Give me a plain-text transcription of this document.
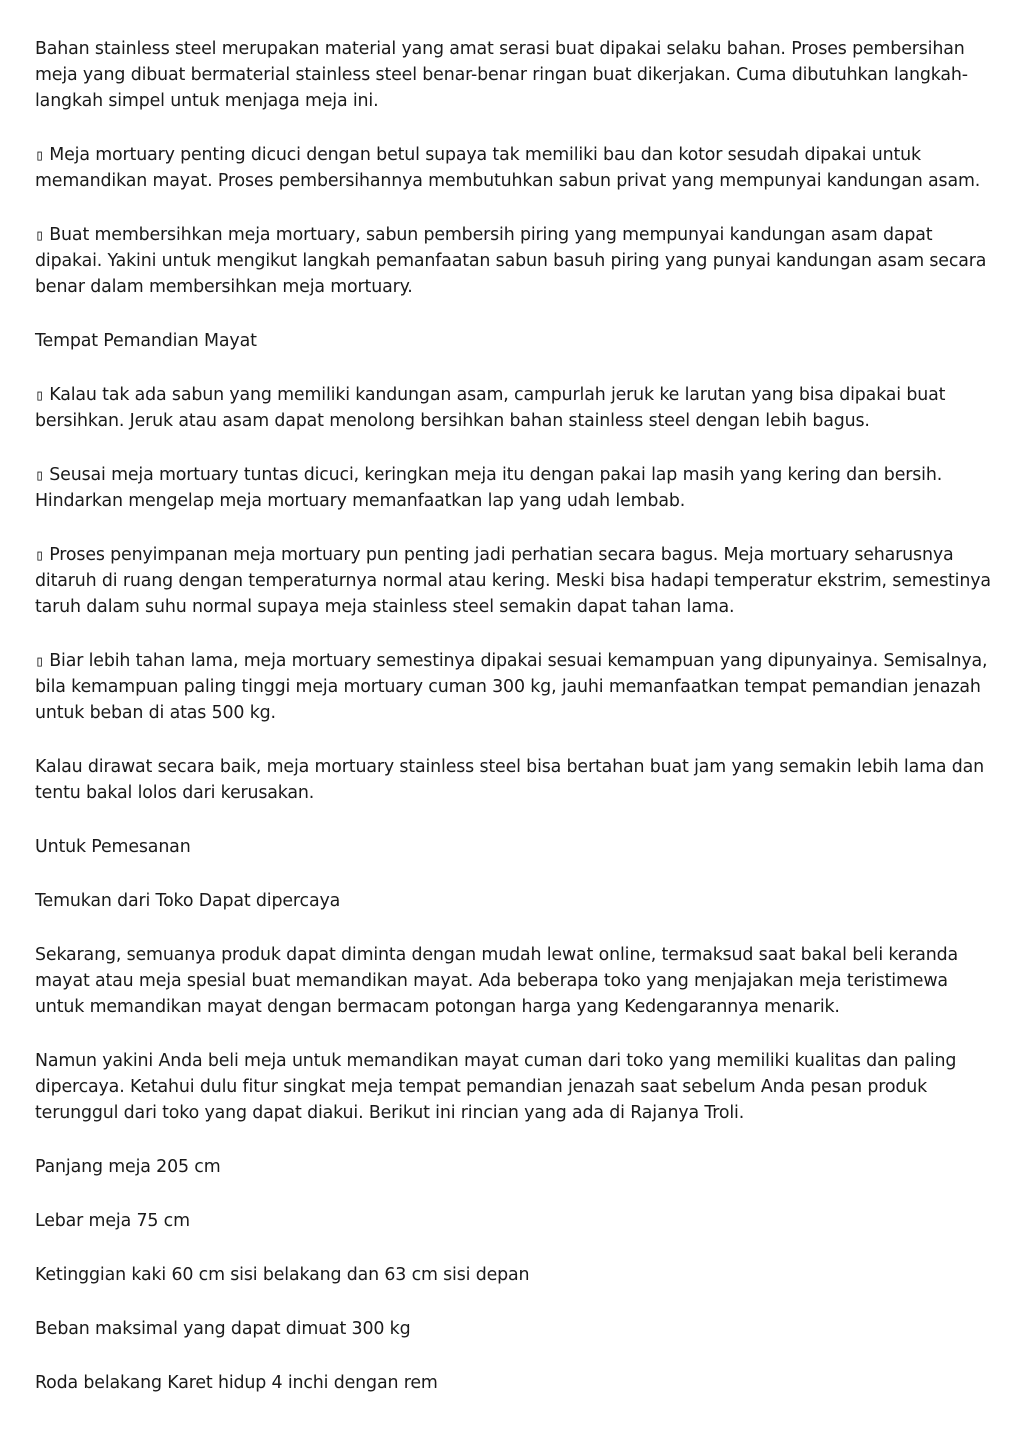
Bahan stainless steel merupakan material yang amat serasi buat dipakai selaku bahan. Proses pembersihan meja yang dibuat bermaterial stainless steel benar-benar ringan buat dikerjakan. Cuma dibutuhkan langkah-langkah simpel untuk menjaga meja ini.

▯ Meja mortuary penting dicuci dengan betul supaya tak memiliki bau dan kotor sesudah dipakai untuk memandikan mayat. Proses pembersihannya membutuhkan sabun privat yang mempunyai kandungan asam.

▯ Buat membersihkan meja mortuary, sabun pembersih piring yang mempunyai kandungan asam dapat dipakai. Yakini untuk mengikut langkah pemanfaatan sabun basuh piring yang punyai kandungan asam secara benar dalam membersihkan meja mortuary.

Tempat Pemandian Mayat

▯ Kalau tak ada sabun yang memiliki kandungan asam, campurlah jeruk ke larutan yang bisa dipakai buat bersihkan. Jeruk atau asam dapat menolong bersihkan bahan stainless steel dengan lebih bagus.

▯ Seusai meja mortuary tuntas dicuci, keringkan meja itu dengan pakai lap masih yang kering dan bersih. Hindarkan mengelap meja mortuary memanfaatkan lap yang udah lembab.

▯ Proses penyimpanan meja mortuary pun penting jadi perhatian secara bagus. Meja mortuary seharusnya ditaruh di ruang dengan temperaturnya normal atau kering. Meski bisa hadapi temperatur ekstrim, semestinya taruh dalam suhu normal supaya meja stainless steel semakin dapat tahan lama.

▯ Biar lebih tahan lama, meja mortuary semestinya dipakai sesuai kemampuan yang dipunyainya. Semisalnya, bila kemampuan paling tinggi meja mortuary cuman 300 kg, jauhi memanfaatkan tempat pemandian jenazah untuk beban di atas 500 kg.

Kalau dirawat secara baik, meja mortuary stainless steel bisa bertahan buat jam yang semakin lebih lama dan tentu bakal lolos dari kerusakan.

Untuk Pemesanan

Temukan dari Toko Dapat dipercaya

Sekarang, semuanya produk dapat diminta dengan mudah lewat online, termaksud saat bakal beli keranda mayat atau meja spesial buat memandikan mayat. Ada beberapa toko yang menjajakan meja teristimewa untuk memandikan mayat dengan bermacam potongan harga yang Kedengarannya menarik.

Namun yakini Anda beli meja untuk memandikan mayat cuman dari toko yang memiliki kualitas dan paling dipercaya. Ketahui dulu fitur singkat meja tempat pemandian jenazah saat sebelum Anda pesan produk terunggul dari toko yang dapat diakui. Berikut ini rincian yang ada di Rajanya Troli.

Panjang meja 205 cm

Lebar meja 75 cm

Ketinggian kaki 60 cm sisi belakang dan 63 cm sisi depan

Beban maksimal yang dapat dimuat 300 kg

Roda belakang Karet hidup 4 inchi dengan rem
